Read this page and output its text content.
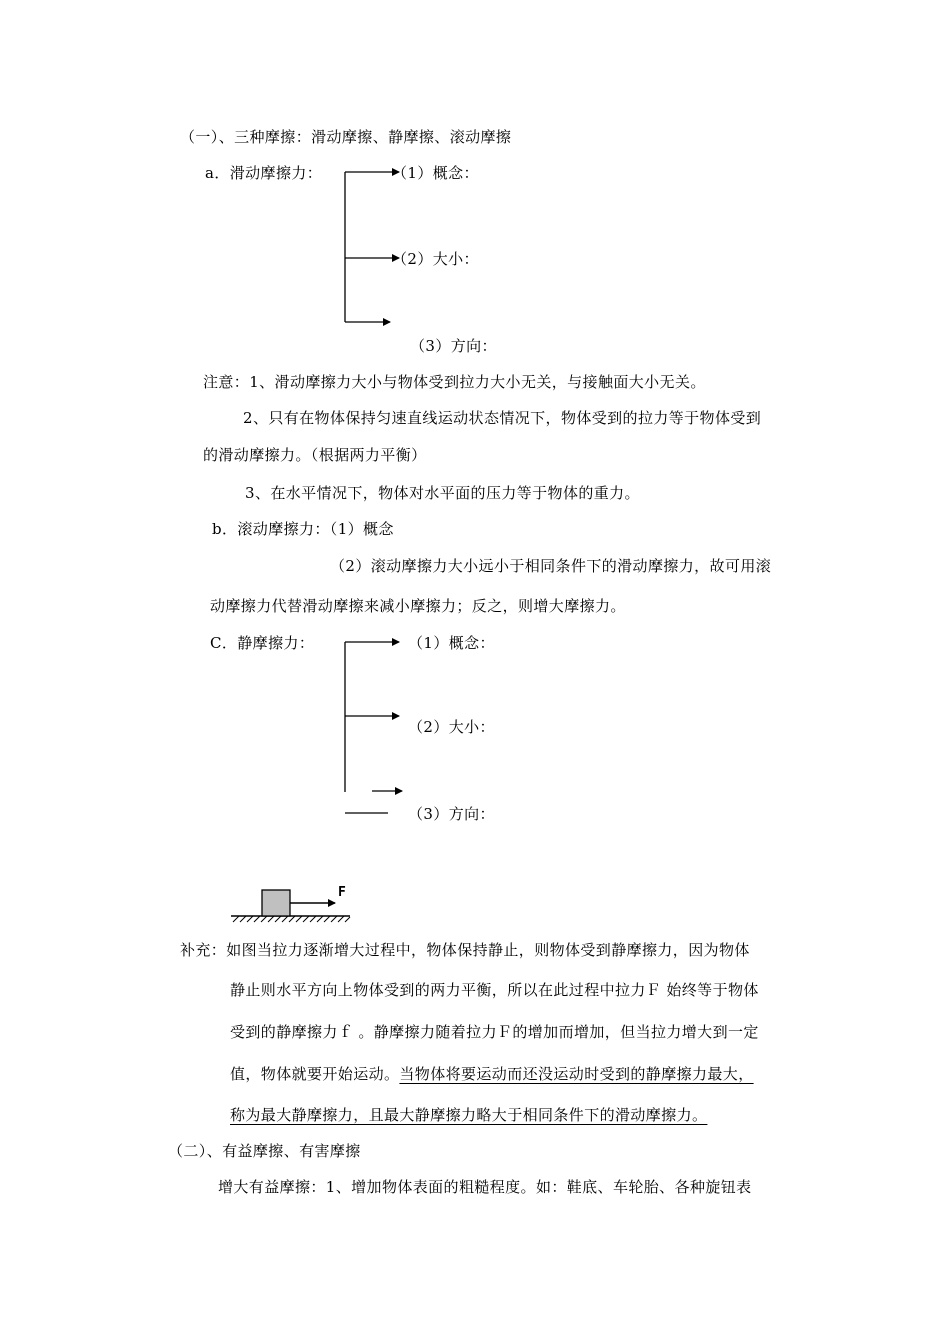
（一）、三种摩擦：滑动摩擦、静摩擦、滚动摩擦
a．滑动摩擦力：	（1）概念：
（2）大小：
（3）方向：
F
注意：1、滑动摩擦力大小与物体受到拉力大小无关，与接触面大小无关。
2、只有在物体保持匀速直线运动状态情况下，物体受到的拉力等于物体受到
的滑动摩擦力。（根据两力平衡）
3、在水平情况下，物体对水平面的压力等于物体的重力。
b．滚动摩擦力：（1）概念
（2）滚动摩擦力大小远小于相同条件下的滑动摩擦力，故可用滚
动摩擦力代替滑动摩擦来减小摩擦力；反之，则增大摩擦力。
C．静摩擦力：	（1）概念：
（2）大小：
（3）方向：
补充：如图当拉力逐渐增大过程中，物体保持静止，则物体受到静摩擦力，因为物体
静止则水平方向上物体受到的两力平衡，所以在此过程中拉力Ｆ 始终等于物体
受到的静摩擦力ｆ 。静摩擦力随着拉力Ｆ的增加而增加，但当拉力增大到一定
值，物体就要开始运动。当物体将要运动而还没运动时受到的静摩擦力最大，
称为最大静摩擦力，且最大静摩擦力略大于相同条件下的滑动摩擦力。
（二）、有益摩擦、有害摩擦
增大有益摩擦：1、增加物体表面的粗糙程度。如：鞋底、车轮胎、各种旋钮表
